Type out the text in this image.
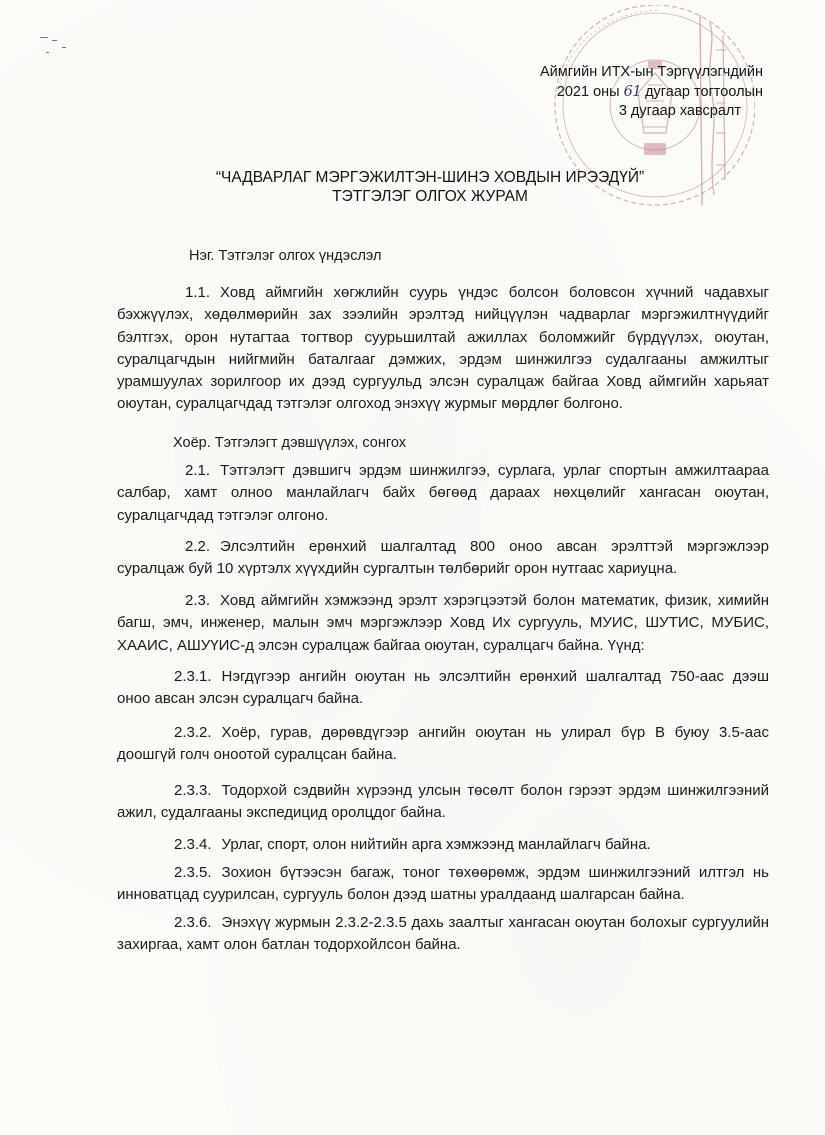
Аймгийн ИТХ-ын Тэргүүлэгчдийн
2021 оны 61 дугаар тогтоолын
3 дугаар хавсралт
“ЧАДВАРЛАГ МЭРГЭЖИЛТЭН-ШИНЭ ХОВДЫН ИРЭЭДҮЙ”
ТЭТГЭЛЭГ ОЛГОХ ЖУРАМ
Нэг. Тэтгэлэг олгох үндэслэл
1.1. Ховд аймгийн хөгжлийн суурь үндэс болсон боловсон хүчний чадавхыг бэхжүүлэх, хөдөлмөрийн зах зээлийн эрэлтэд нийцүүлэн чадварлаг мэргэжилтнүүдийг бэлтгэх, орон нутагтаа тогтвор суурьшилтай ажиллах боломжийг бүрдүүлэх, оюутан, суралцагчдын нийгмийн баталгааг дэмжих, эрдэм шинжилгээ судалгааны амжилтыг урамшуулах зорилгоор их дээд сургуульд элсэн суралцаж байгаа Ховд аймгийн харьяат оюутан, суралцагчдад тэтгэлэг олгоход энэхүү журмыг мөрдлөг болгоно.
Хоёр. Тэтгэлэгт дэвшүүлэх, сонгох
2.1. Тэтгэлэгт дэвшигч эрдэм шинжилгээ, сурлага, урлаг спортын амжилтаараа салбар, хамт олноо манлайлагч байх бөгөөд дараах нөхцөлийг хангасан оюутан, суралцагчдад тэтгэлэг олгоно.
2.2. Элсэлтийн ерөнхий шалгалтад 800 оноо авсан эрэлттэй мэргэжлээр суралцаж буй 10 хүртэлх хүүхдийн сургалтын төлбөрийг орон нутгаас хариуцна.
2.3. Ховд аймгийн хэмжээнд эрэлт хэрэгцээтэй болон математик, физик, химийн багш, эмч, инженер, малын эмч мэргэжлээр Ховд Их сургууль, МУИС, ШУТИС, МУБИС, ХААИС, АШУҮИС-д элсэн суралцаж байгаа оюутан, суралцагч байна. Үүнд:
2.3.1. Нэгдүгээр ангийн оюутан нь элсэлтийн ерөнхий шалгалтад 750-аас дээш оноо авсан элсэн суралцагч байна.
2.3.2. Хоёр, гурав, дөрөвдүгээр ангийн оюутан нь улирал бүр В буюу 3.5-аас доошгүй голч оноотой суралцсан байна.
2.3.3. Тодорхой сэдвийн хүрээнд улсын төсөлт болон гэрээт эрдэм шинжилгээний ажил, судалгааны экспедицид оролцдог байна.
2.3.4. Урлаг, спорт, олон нийтийн арга хэмжээнд манлайлагч байна.
2.3.5. Зохион бүтээсэн багаж, тоног төхөөрөмж, эрдэм шинжилгээний илтгэл нь инноватцад суурилсан, сургууль болон дээд шатны уралдаанд шалгарсан байна.
2.3.6. Энэхүү журмын 2.3.2-2.3.5 дахь заалтыг хангасан оюутан болохыг сургуулийн захиргаа, хамт олон батлан тодорхойлсон байна.
